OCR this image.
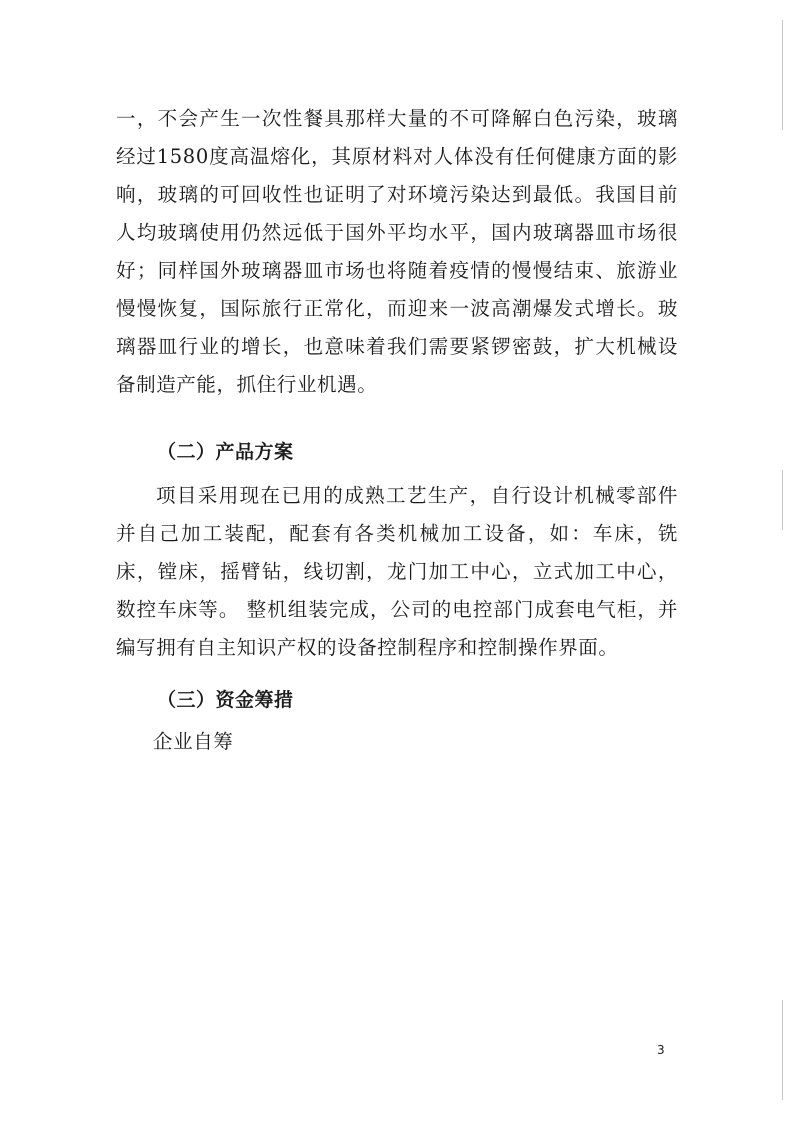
一，不会产生一次性餐具那样大量的不可降解白色污染，玻璃经过1580度高温熔化，其原材料对人体没有任何健康方面的影响，玻璃的可回收性也证明了对环境污染达到最低。我国目前人均玻璃使用仍然远低于国外平均水平，国内玻璃器皿市场很好；同样国外玻璃器皿市场也将随着疫情的慢慢结束、旅游业慢慢恢复，国际旅行正常化，而迎来一波高潮爆发式增长。玻璃器皿行业的增长，也意味着我们需要紧锣密鼓，扩大机械设备制造产能，抓住行业机遇。

（二）产品方案

项目采用现在已用的成熟工艺生产，自行设计机械零部件并自己加工装配，配套有各类机械加工设备，如：车床，铣床，镗床，摇臂钻，线切割，龙门加工中心，立式加工中心，数控车床等。 整机组装完成，公司的电控部门成套电气柜，并编写拥有自主知识产权的设备控制程序和控制操作界面。

（三）资金筹措

企业自筹

3
